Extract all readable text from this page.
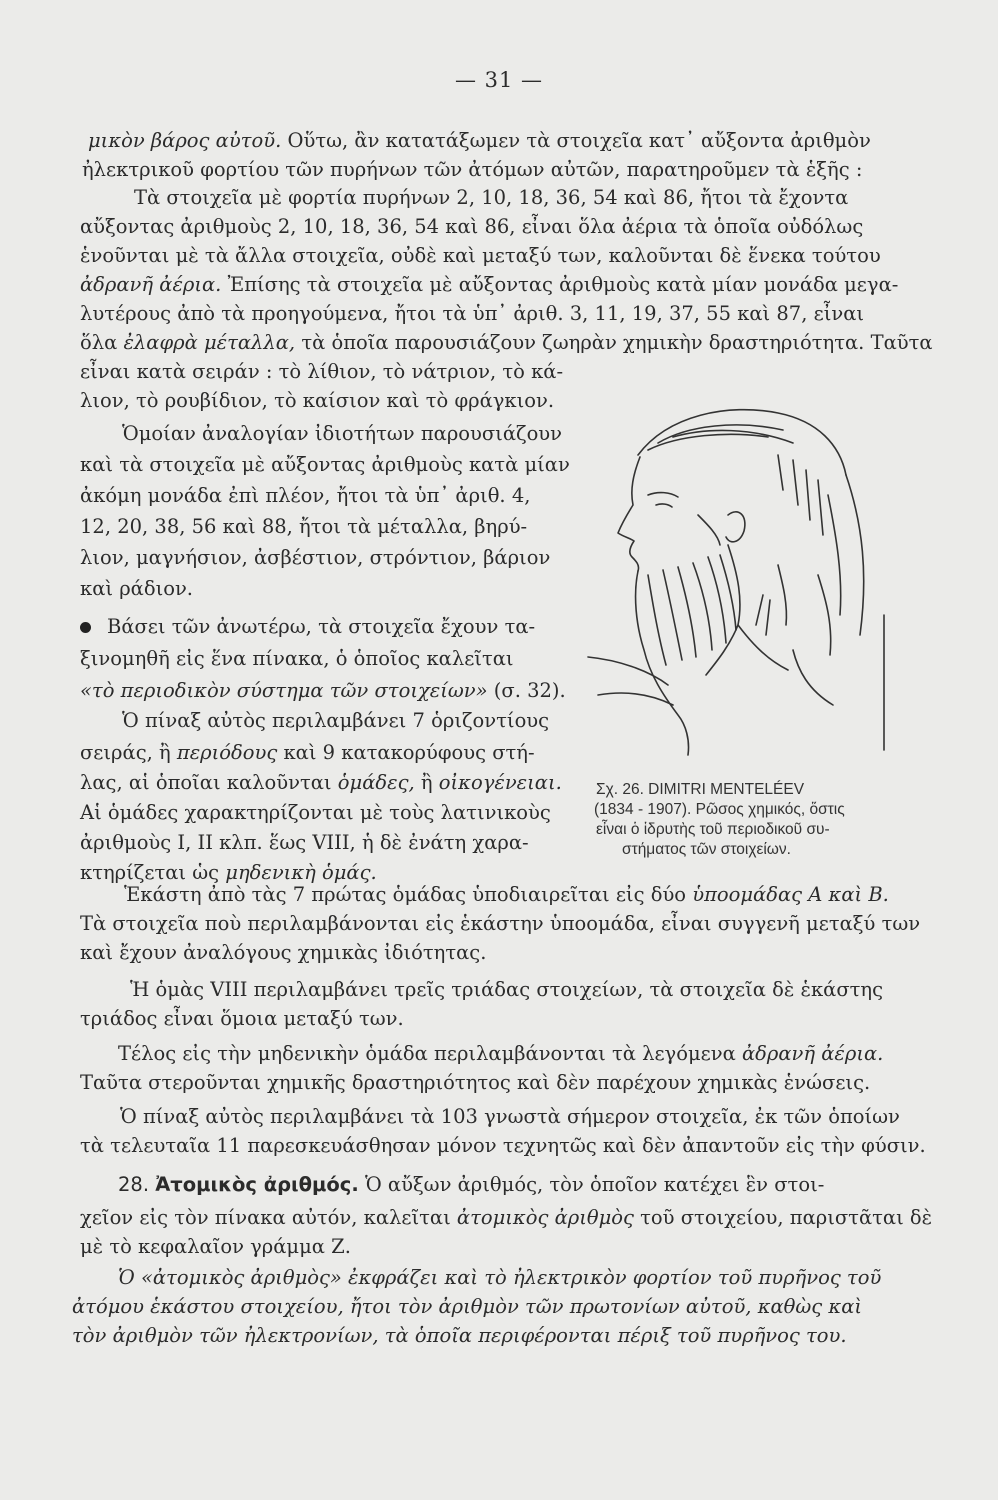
— 31 —
μικὸν βάρος αὐτοῦ. Οὕτω, ἂν κατατάξωμεν τὰ στοιχεῖα κατ᾿ αὔξοντα ἀριθμὸν
ἠλεκτρικοῦ φορτίου τῶν πυρήνων τῶν ἀτόμων αὐτῶν, παρατηροῦμεν τὰ ἑξῆς :
Τὰ στοιχεῖα μὲ φορτία πυρήνων 2, 10, 18, 36, 54 καὶ 86, ἤτοι τὰ ἔχοντα
αὔξοντας ἀριθμοὺς 2, 10, 18, 36, 54 καὶ 86, εἶναι ὅλα ἀέρια τὰ ὁποῖα οὐδόλως
ἑνοῦνται μὲ τὰ ἄλλα στοιχεῖα, οὐδὲ καὶ μεταξύ των, καλοῦνται δὲ ἕνεκα τούτου
ἀδρανῆ ἀέρια. Ἐπίσης τὰ στοιχεῖα μὲ αὔξοντας ἀριθμοὺς κατὰ μίαν μονάδα μεγα-
λυτέρους ἀπὸ τὰ προηγούμενα, ἤτοι τὰ ὑπ᾿ ἀριθ. 3, 11, 19, 37, 55 καὶ 87, εἶναι
ὅλα ἐλαφρὰ μέταλλα, τὰ ὁποῖα παρουσιάζουν ζωηρὰν χημικὴν δραστηριότητα. Ταῦτα
εἶναι κατὰ σειράν : τὸ λίθιον, τὸ νάτριον, τὸ κά-
λιον, τὸ ρουβίδιον, τὸ καίσιον καὶ τὸ φράγκιον.
Ὁμοίαν ἀναλογίαν ἰδιοτήτων παρουσιάζουν
καὶ τὰ στοιχεῖα μὲ αὔξοντας ἀριθμοὺς κατὰ μίαν
ἀκόμη μονάδα ἐπὶ πλέον, ἤτοι τὰ ὑπ᾿ ἀριθ. 4,
12, 20, 38, 56 καὶ 88, ἤτοι τὰ μέταλλα, βηρύ-
λιον, μαγνήσιον, ἀσβέστιον, στρόντιον, βάριον
καὶ ράδιον.
Βάσει τῶν ἀνωτέρω, τὰ στοιχεῖα ἔχουν τα-
ξινομηθῆ εἰς ἕνα πίνακα, ὁ ὁποῖος καλεῖται
«τὸ περιοδικὸν σύστημα τῶν στοιχείων» (σ. 32).
Ὁ πίναξ αὐτὸς περιλαμβάνει 7 ὁριζοντίους
σειράς, ἢ περιόδους καὶ 9 κατακορύφους στή-
λας, αἱ ὁποῖαι καλοῦνται ὁμάδες, ἢ οἰκογένειαι.
Αἱ ὁμάδες χαρακτηρίζονται μὲ τοὺς λατινικοὺς
ἀριθμοὺς I, II κλπ. ἕως VIII, ἡ δὲ ἐνάτη χαρα-
κτηρίζεται ὡς μηδενικὴ ὁμάς.
Σχ. 26. DIMITRI MENTELÉEV
(1834 - 1907). Ρῶσος χημικός, ὅστις
εἶναι ὁ ἱδρυτὴς τοῦ περιοδικοῦ συ-
στήματος τῶν στοιχείων.
Ἑκάστη ἀπὸ τὰς 7 πρώτας ὁμάδας ὑποδιαιρεῖται εἰς δύο ὑποομάδας Α καὶ Β.
Τὰ στοιχεῖα ποὺ περιλαμβάνονται εἰς ἑκάστην ὑποομάδα, εἶναι συγγενῆ μεταξύ των
καὶ ἔχουν ἀναλόγους χημικὰς ἰδιότητας.
Ἡ ὁμὰς VIII περιλαμβάνει τρεῖς τριάδας στοιχείων, τὰ στοιχεῖα δὲ ἑκάστης
τριάδος εἶναι ὅμοια μεταξύ των.
Τέλος εἰς τὴν μηδενικὴν ὁμάδα περιλαμβάνονται τὰ λεγόμενα ἀδρανῆ ἀέρια.
Ταῦτα στεροῦνται χημικῆς δραστηριότητος καὶ δὲν παρέχουν χημικὰς ἑνώσεις.
Ὁ πίναξ αὐτὸς περιλαμβάνει τὰ 103 γνωστὰ σήμερον στοιχεῖα, ἐκ τῶν ὁποίων
τὰ τελευταῖα 11 παρεσκευάσθησαν μόνον τεχνητῶς καὶ δὲν ἀπαντοῦν εἰς τὴν φύσιν.
28. Ἀτομικὸς ἀριθμός. Ὁ αὔξων ἀριθμός, τὸν ὁποῖον κατέχει ἓν στοι-
χεῖον εἰς τὸν πίνακα αὐτόν, καλεῖται ἀτομικὸς ἀριθμὸς τοῦ στοιχείου, παριστᾶται δὲ
μὲ τὸ κεφαλαῖον γράμμα Ζ.
Ὁ «ἀτομικὸς ἀριθμὸς» ἐκφράζει καὶ τὸ ἠλεκτρικὸν φορτίον τοῦ πυρῆνος τοῦ
ἀτόμου ἑκάστου στοιχείου, ἤτοι τὸν ἀριθμὸν τῶν πρωτονίων αὐτοῦ, καθὼς καὶ
τὸν ἀριθμὸν τῶν ἠλεκτρονίων, τὰ ὁποῖα περιφέρονται πέριξ τοῦ πυρῆνος του.
